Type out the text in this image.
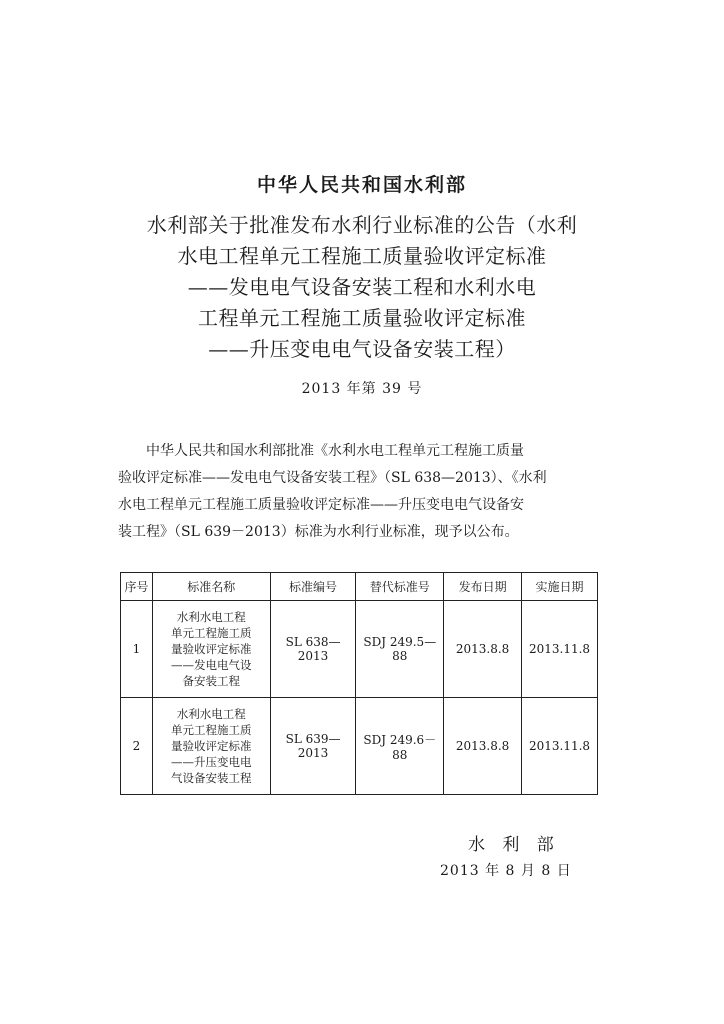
中华人民共和国水利部
水利部关于批准发布水利行业标准的公告（水利
水电工程单元工程施工质量验收评定标准
——发电电气设备安装工程和水利水电
工程单元工程施工质量验收评定标准
——升压变电电气设备安装工程）
2013 年第 39 号

中华人民共和国水利部批准《水利水电工程单元工程施工质量

验收评定标准——发电电气设备安装工程》（SL 638—2013）、《水利

水电工程单元工程施工质量验收评定标准——升压变电电气设备安

装工程》（SL 639－2013）标准为水利行业标准，现予以公布。

序号	标准名称	标准编号	替代标准号	发布日期	实施日期
1	水利水电工程
单元工程施工质
量验收评定标准
——发电电气设
备安装工程	SL 638—2013	SDJ 249.5—88	2013.8.8	2013.11.8
2	水利水电工程
单元工程施工质
量验收评定标准
——升压变电电
气设备安装工程	SL 639—2013	SDJ 249.6－88	2013.8.8	2013.11.8
水 利 部
2013 年 8 月 8 日
